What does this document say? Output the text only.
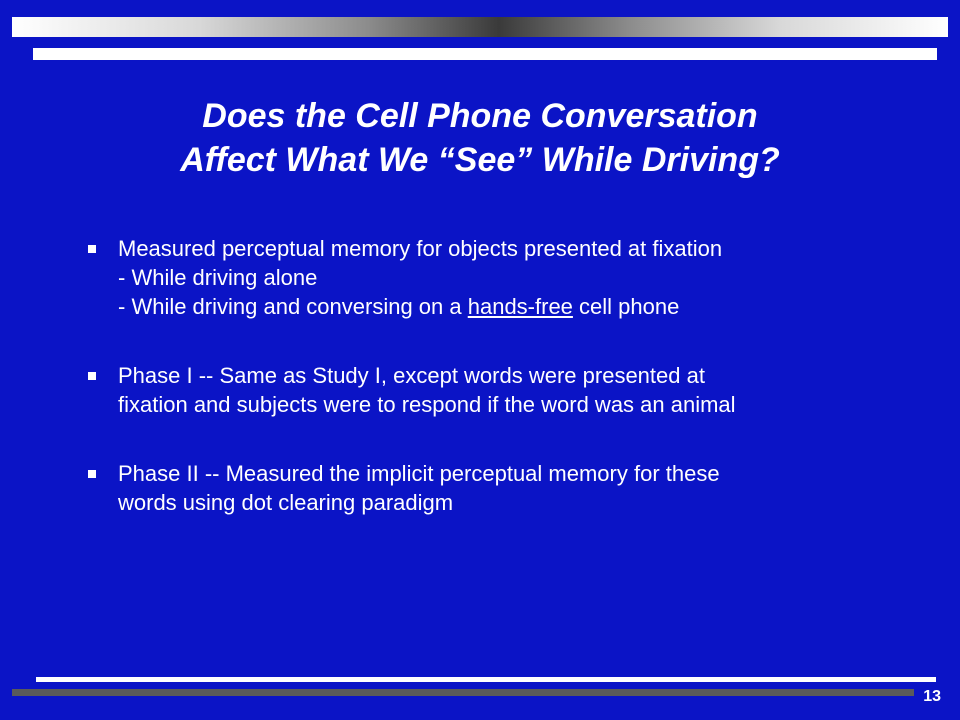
Does the Cell Phone Conversation
Affect What We “See” While Driving?
Measured perceptual memory for objects presented at fixation
- While driving alone
- While driving and conversing on a hands-free cell phone
Phase I -- Same as Study I, except words were presented at
fixation and subjects were to respond if the word was an animal
Phase II -- Measured the implicit perceptual memory for these
words using dot clearing paradigm
13
